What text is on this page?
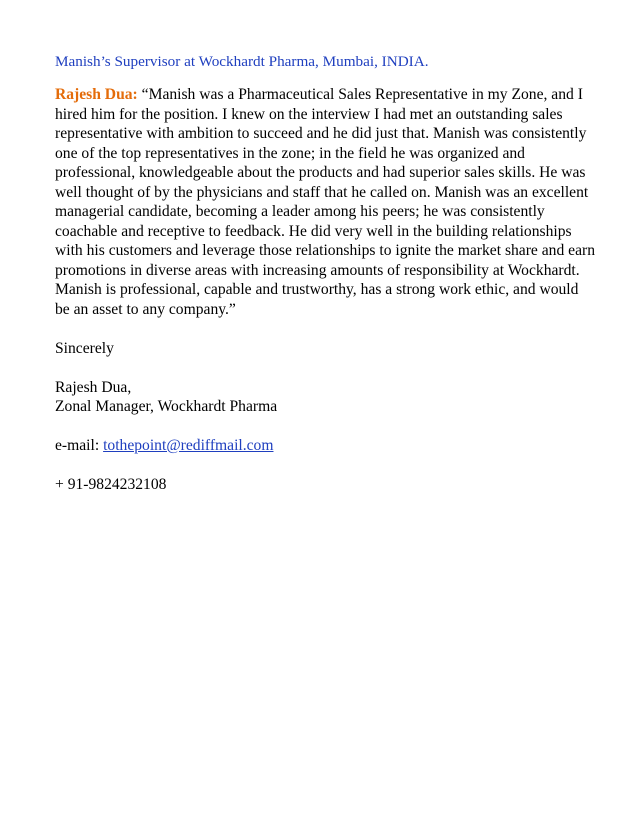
Manish’s Supervisor at Wockhardt Pharma, Mumbai, INDIA.

Rajesh Dua: “Manish was a Pharmaceutical Sales Representative in my Zone, and I hired him for the position. I knew on the interview I had met an outstanding sales representative with ambition to succeed and he did just that. Manish was consistently one of the top representatives in the zone; in the field he was organized and professional, knowledgeable about the products and had superior sales skills. He was well thought of by the physicians and staff that he called on. Manish was an excellent managerial candidate, becoming a leader among his peers; he was consistently coachable and receptive to feedback. He did very well in the building relationships with his customers and leverage those relationships to ignite the market share and earn promotions in diverse areas with increasing amounts of responsibility at Wockhardt. Manish is professional, capable and trustworthy, has a strong work ethic, and would be an asset to any company.”

Sincerely

Rajesh Dua,

Zonal Manager, Wockhardt Pharma

e-mail: tothepoint@rediffmail.com

+ 91-9824232108
